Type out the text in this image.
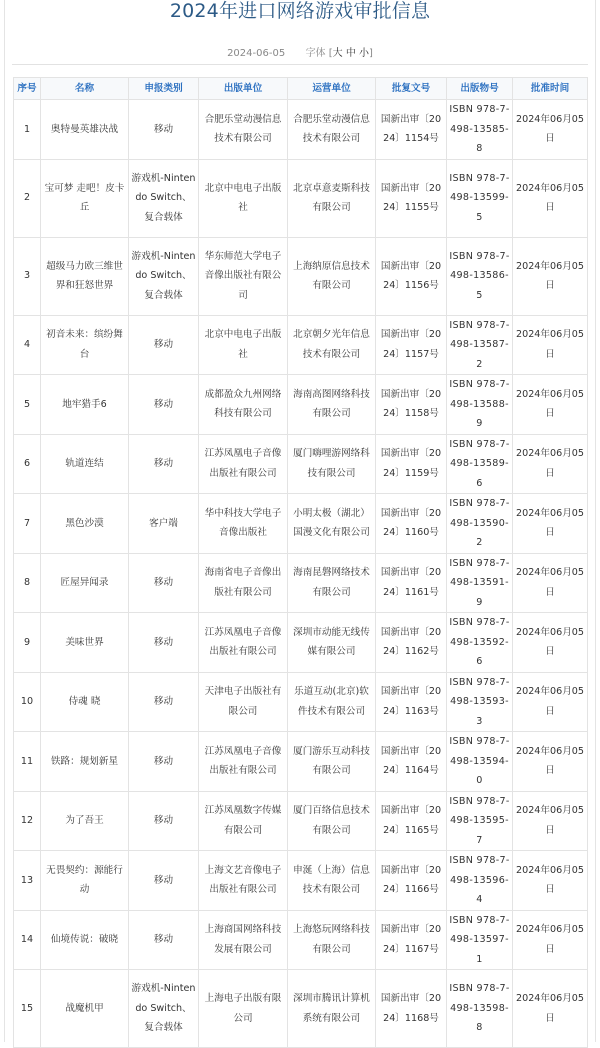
2024年进口网络游戏审批信息
2024-06-05 字体 [大 中 小]
序号	名称	申报类别	出版单位	运营单位	批复文号	出版物号	批准时间
1	奥特曼英雄决战	移动	合肥乐堂动漫信息技术有限公司	合肥乐堂动漫信息技术有限公司	国新出审〔2024〕1154号	ISBN 978-7-498-13585-8	2024年06月05日
2	宝可梦 走吧！皮卡丘	游戏机-Nintendo Switch、复合载体	北京中电电子出版社	北京卓意麦斯科技有限公司	国新出审〔2024〕1155号	ISBN 978-7-498-13599-5	2024年06月05日
3	超级马力欧三维世界和狂怒世界	游戏机-Nintendo Switch、复合载体	华东师范大学电子音像出版社有限公司	上海纳原信息技术有限公司	国新出审〔2024〕1156号	ISBN 978-7-498-13586-5	2024年06月05日
4	初音未来：缤纷舞台	移动	北京中电电子出版社	北京朝夕光年信息技术有限公司	国新出审〔2024〕1157号	ISBN 978-7-498-13587-2	2024年06月05日
5	地牢猎手6	移动	成都盈众九州网络科技有限公司	海南高图网络科技有限公司	国新出审〔2024〕1158号	ISBN 978-7-498-13588-9	2024年06月05日
6	轨道连结	移动	江苏凤凰电子音像出版社有限公司	厦门嗨哩游网络科技有限公司	国新出审〔2024〕1159号	ISBN 978-7-498-13589-6	2024年06月05日
7	黑色沙漠	客户端	华中科技大学电子音像出版社	小明太极（湖北）国漫文化有限公司	国新出审〔2024〕1160号	ISBN 978-7-498-13590-2	2024年06月05日
8	匠屋异闻录	移动	海南省电子音像出版社有限公司	海南昆磐网络技术有限公司	国新出审〔2024〕1161号	ISBN 978-7-498-13591-9	2024年06月05日
9	美味世界	移动	江苏凤凰电子音像出版社有限公司	深圳市动能无线传媒有限公司	国新出审〔2024〕1162号	ISBN 978-7-498-13592-6	2024年06月05日
10	侍魂 晓	移动	天津电子出版社有限公司	乐道互动(北京)软件技术有限公司	国新出审〔2024〕1163号	ISBN 978-7-498-13593-3	2024年06月05日
11	铁路：规划新星	移动	江苏凤凰电子音像出版社有限公司	厦门游乐互动科技有限公司	国新出审〔2024〕1164号	ISBN 978-7-498-13594-0	2024年06月05日
12	为了吾王	移动	江苏凤凰数字传媒有限公司	厦门百络信息技术有限公司	国新出审〔2024〕1165号	ISBN 978-7-498-13595-7	2024年06月05日
13	无畏契约：源能行动	移动	上海文艺音像电子出版社有限公司	申涎（上海）信息技术有限公司	国新出审〔2024〕1166号	ISBN 978-7-498-13596-4	2024年06月05日
14	仙境传说：破晓	移动	上海商国网络科技发展有限公司	上海悠玩网络科技有限公司	国新出审〔2024〕1167号	ISBN 978-7-498-13597-1	2024年06月05日
15	战魔机甲	游戏机-Nintendo Switch、复合载体	上海电子出版有限公司	深圳市腾讯计算机系统有限公司	国新出审〔2024〕1168号	ISBN 978-7-498-13598-8	2024年06月05日
